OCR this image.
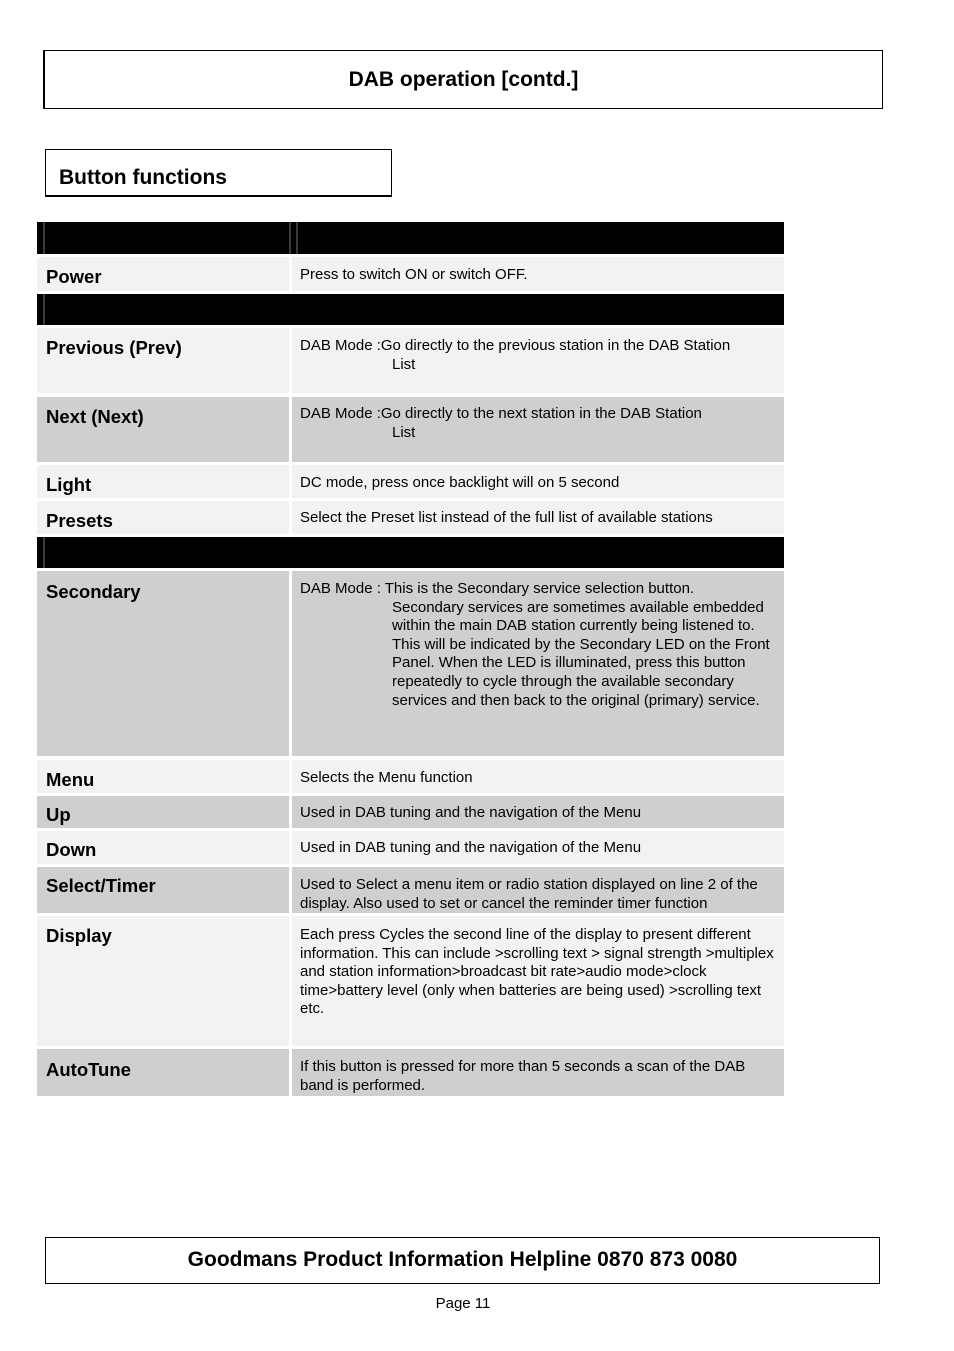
DAB operation [contd.]
Button functions
Power	Press to switch ON or switch OFF.
Previous (Prev)	DAB Mode :Go directly to the previous station in the DAB Station
List
Next (Next)	DAB Mode :Go directly to the next station in the DAB Station
List
Light	DC mode, press once backlight will on 5 second
Presets	Select the Preset list instead of the full list of available stations
Secondary	DAB Mode : This is the Secondary service selection button.
Secondary services are sometimes available embedded within the main DAB station currently being listened to. This will be indicated by the Secondary LED on the Front Panel. When the LED is illuminated, press this button repeatedly to cycle through the available secondary services and then back to the original (primary) service.
Menu	Selects the Menu function
Up	Used in DAB tuning and the navigation of the Menu
Down	Used in DAB tuning and the navigation of the Menu
Select/Timer	Used to Select a menu item or radio station displayed on line 2 of the display. Also used to set or cancel the reminder timer function
Display	Each press Cycles the second line of the display to present different information. This can include >scrolling text > signal strength >multiplex and station information>broadcast bit rate>audio mode>clock time>battery level (only when batteries are being used) >scrolling text etc.
AutoTune	If this button is pressed for more than 5 seconds a scan of the DAB band is performed.
Goodmans Product Information Helpline 0870 873 0080
Page 11
